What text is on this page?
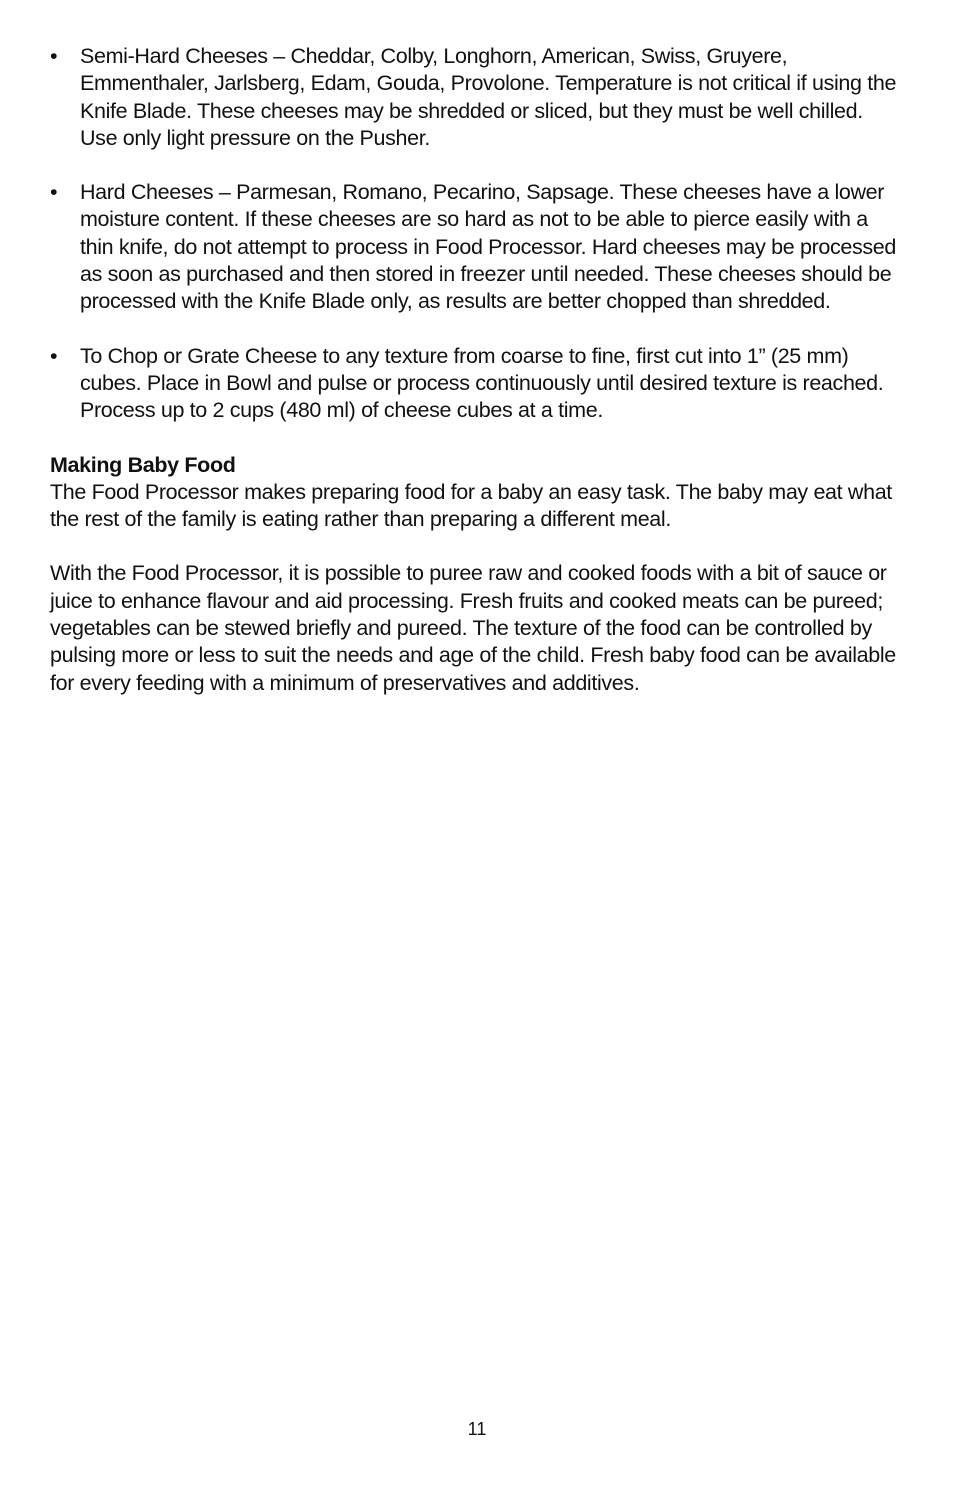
•	Semi-Hard Cheeses – Cheddar, Colby, Longhorn, American, Swiss, Gruyere, Emmenthaler, Jarlsberg, Edam, Gouda, Provolone. Temperature is not critical if using the Knife Blade. These cheeses may be shredded or sliced, but they must be well chilled. Use only light pressure on the Pusher.
•	Hard Cheeses – Parmesan, Romano, Pecarino, Sapsage. These cheeses have a lower moisture content. If these cheeses are so hard as not to be able to pierce easily with a thin knife, do not attempt to process in Food Processor. Hard cheeses may be processed as soon as purchased and then stored in freezer until needed. These cheeses should be processed with the Knife Blade only, as results are better chopped than shredded.
•	To Chop or Grate Cheese to any texture from coarse to fine, first cut into 1” (25 mm) cubes. Place in Bowl and pulse or process continuously until desired texture is reached. Process up to 2 cups (480 ml) of cheese cubes at a time.

Making Baby Food

The Food Processor makes preparing food for a baby an easy task. The baby may eat what the rest of the family is eating rather than preparing a different meal.

With the Food Processor, it is possible to puree raw and cooked foods with a bit of sauce or juice to enhance flavour and aid processing. Fresh fruits and cooked meats can be pureed; vegetables can be stewed briefly and pureed. The texture of the food can be controlled by pulsing more or less to suit the needs and age of the child. Fresh baby food can be available for every feeding with a minimum of preservatives and additives.

11
